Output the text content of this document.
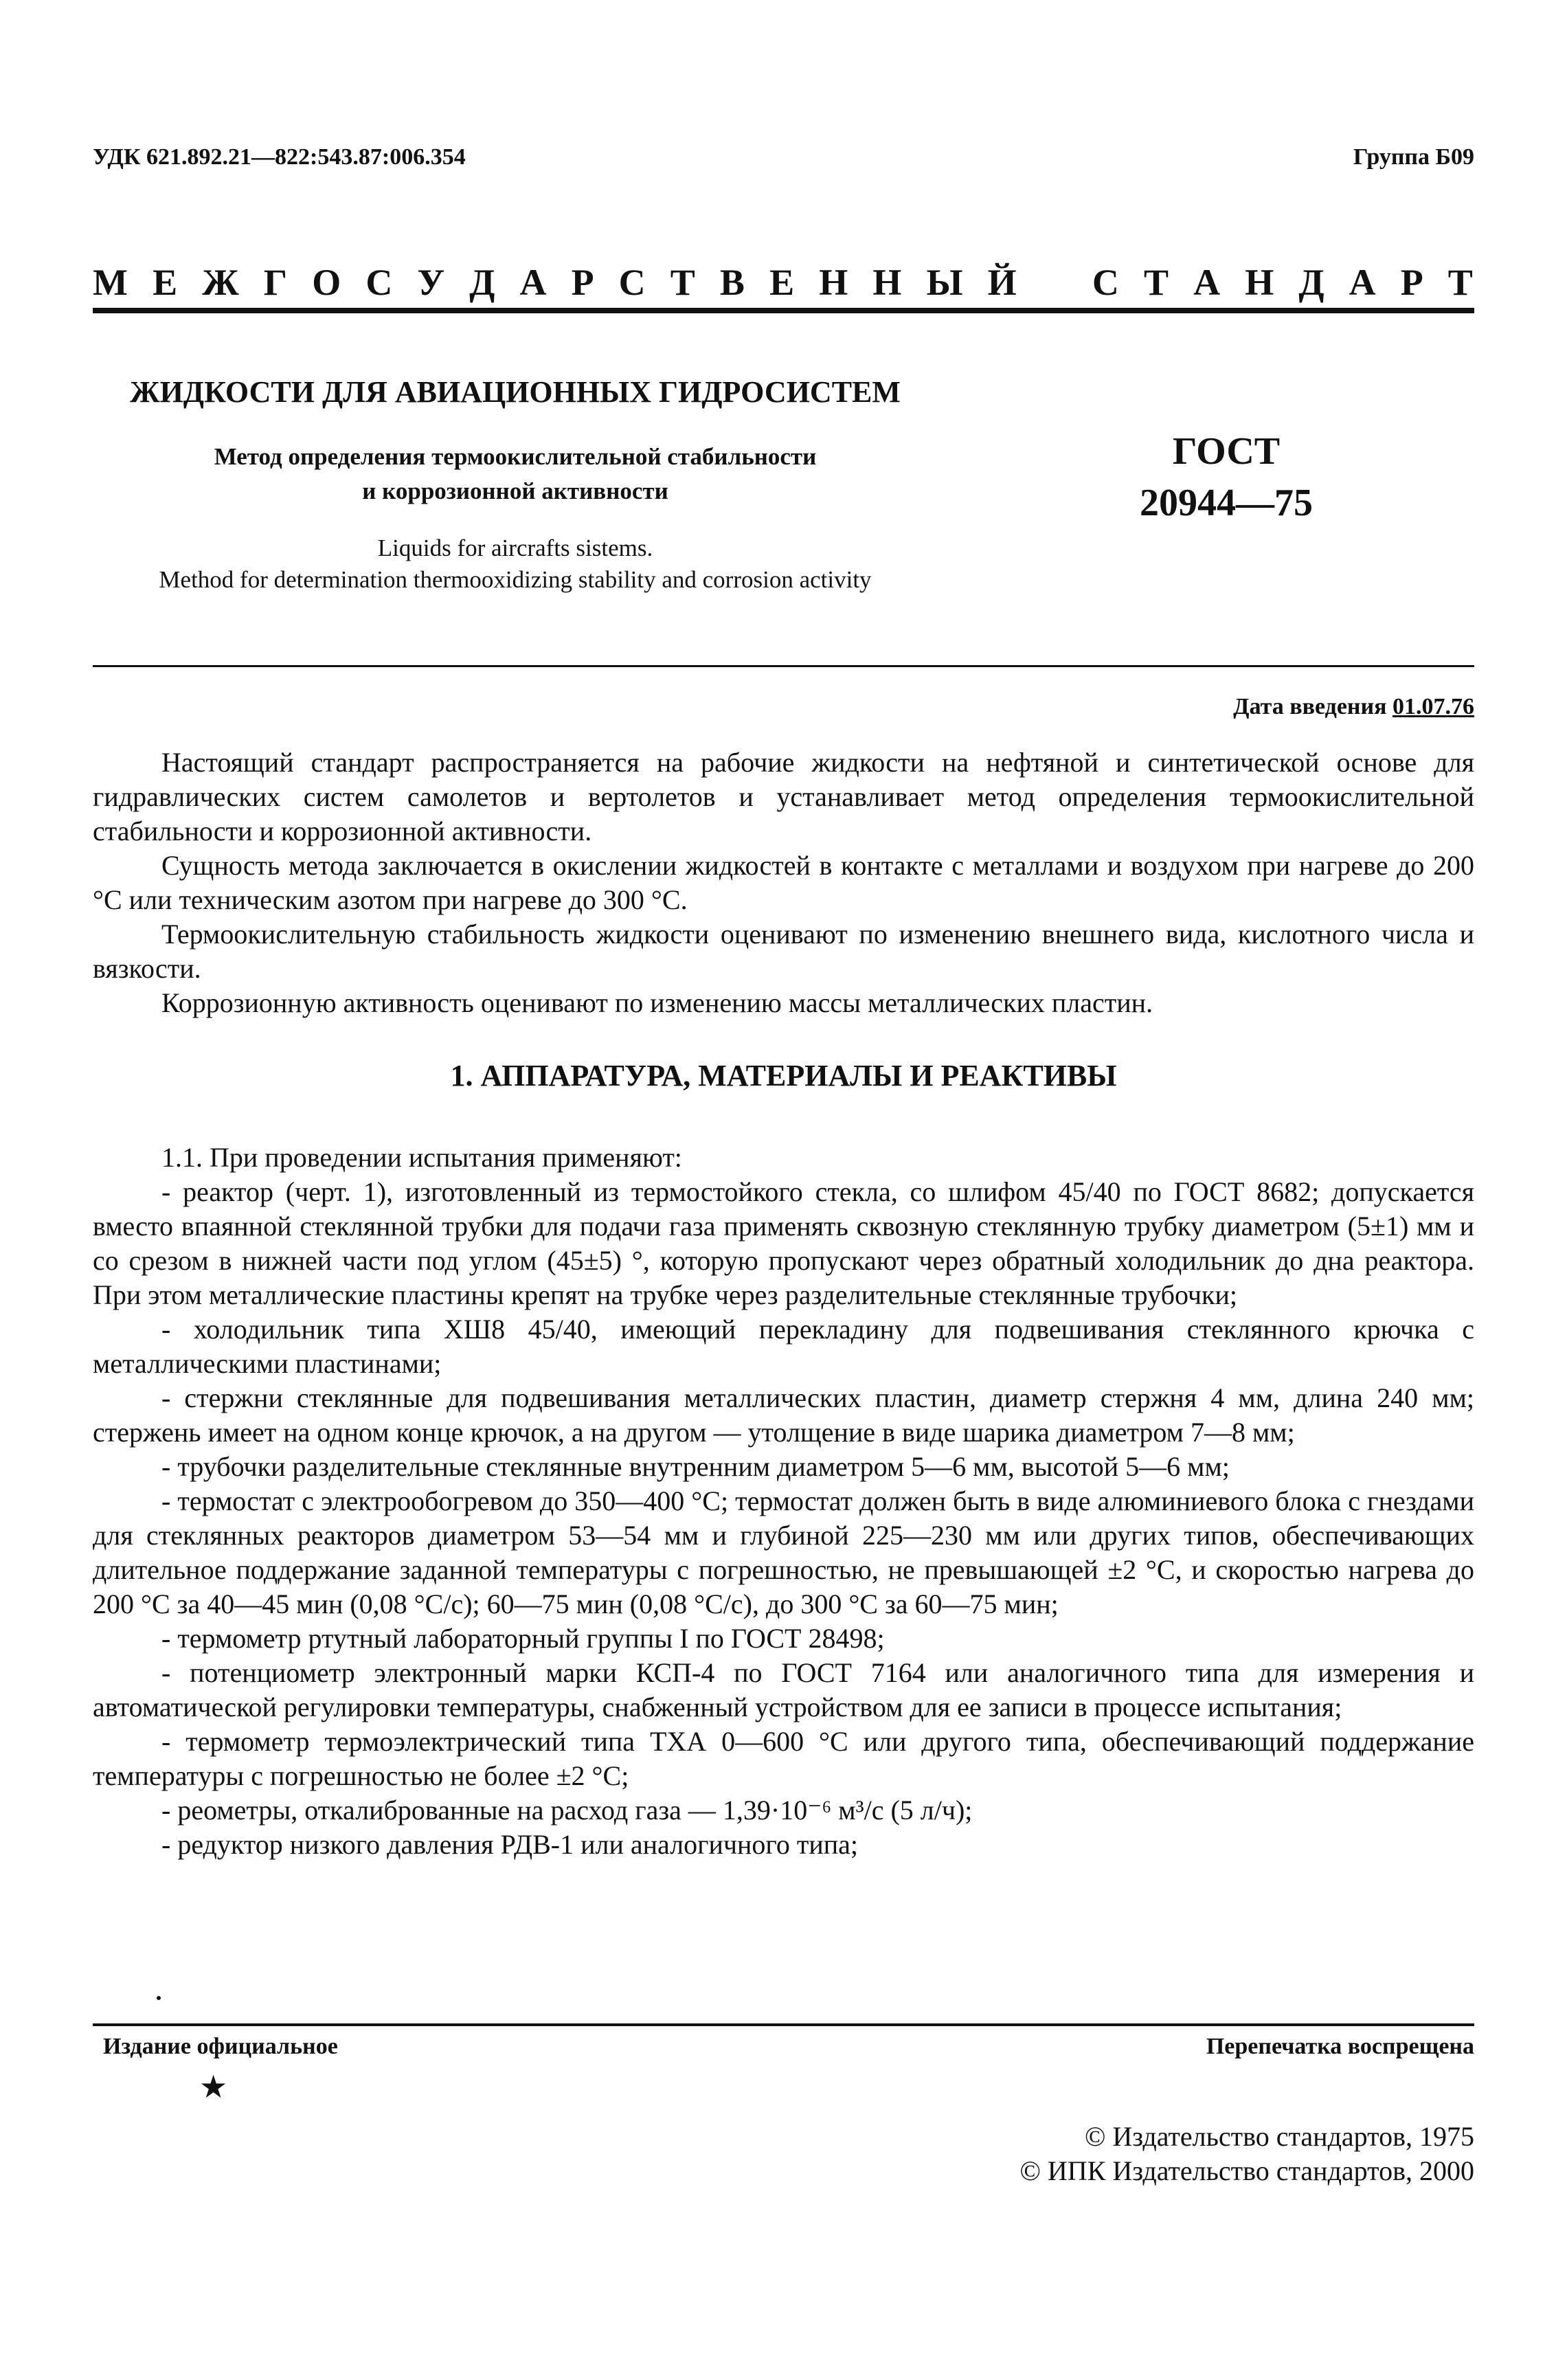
УДК 621.892.21—822:543.87:006.354	Группа Б09
М Е Ж Г О С У Д А Р С Т В Е Н Н Ы Й С Т А Н Д А Р Т
ЖИДКОСТИ ДЛЯ АВИАЦИОННЫХ ГИДРОСИСТЕМ
Метод определения термоокислительной стабильности
и коррозионной активности
ГОСТ
20944—75
Liquids for aircrafts sistems.
Method for determination thermooxidizing stability and corrosion activity
Дата введения 01.07.76

Настоящий стандарт распространяется на рабочие жидкости на нефтяной и синтетической основе для гидравлических систем самолетов и вертолетов и устанавливает метод определения термоокислительной стабильности и коррозионной активности.

Сущность метода заключается в окислении жидкостей в контакте с металлами и воздухом при нагреве до 200 °С или техническим азотом при нагреве до 300 °С.

Термоокислительную стабильность жидкости оценивают по изменению внешнего вида, кислотного числа и вязкости.

Коррозионную активность оценивают по изменению массы металлических пластин.

1. АППАРАТУРА, МАТЕРИАЛЫ И РЕАКТИВЫ

1.1. При проведении испытания применяют:

- реактор (черт. 1), изготовленный из термостойкого стекла, со шлифом 45/40 по ГОСТ 8682; допускается вместо впаянной стеклянной трубки для подачи газа применять сквозную стеклянную трубку диаметром (5±1) мм и со срезом в нижней части под углом (45±5) °, которую пропускают через обратный холодильник до дна реактора. При этом металлические пластины крепят на трубке через разделительные стеклянные трубочки;

- холодильник типа ХШ8 45/40, имеющий перекладину для подвешивания стеклянного крючка с металлическими пластинами;

- стержни стеклянные для подвешивания металлических пластин, диаметр стержня 4 мм, длина 240 мм; стержень имеет на одном конце крючок, а на другом — утолщение в виде шарика диаметром 7—8 мм;

- трубочки разделительные стеклянные внутренним диаметром 5—6 мм, высотой 5—6 мм;

- термостат с электрообогревом до 350—400 °С; термостат должен быть в виде алюминиевого блока с гнездами для стеклянных реакторов диаметром 53—54 мм и глубиной 225—230 мм или других типов, обеспечивающих длительное поддержание заданной температуры с погрешностью, не превышающей ±2 °С, и скоростью нагрева до 200 °С за 40—45 мин (0,08 °С/с); 60—75 мин (0,08 °С/с), до 300 °С за 60—75 мин;

- термометр ртутный лабораторный группы I по ГОСТ 28498;

- потенциометр электронный марки КСП-4 по ГОСТ 7164 или аналогичного типа для измерения и автоматической регулировки температуры, снабженный устройством для ее записи в процессе испытания;

- термометр термоэлектрический типа ТХА 0—600 °С или другого типа, обеспечивающий поддержание температуры с погрешностью не более ±2 °С;

- реометры, откалиброванные на расход газа — 1,39·10⁻⁶ м³/с (5 л/ч);

- редуктор низкого давления РДВ-1 или аналогичного типа;

Издание официальное	Перепечатка воспрещена
★
© Издательство стандартов, 1975
© ИПК Издательство стандартов, 2000
